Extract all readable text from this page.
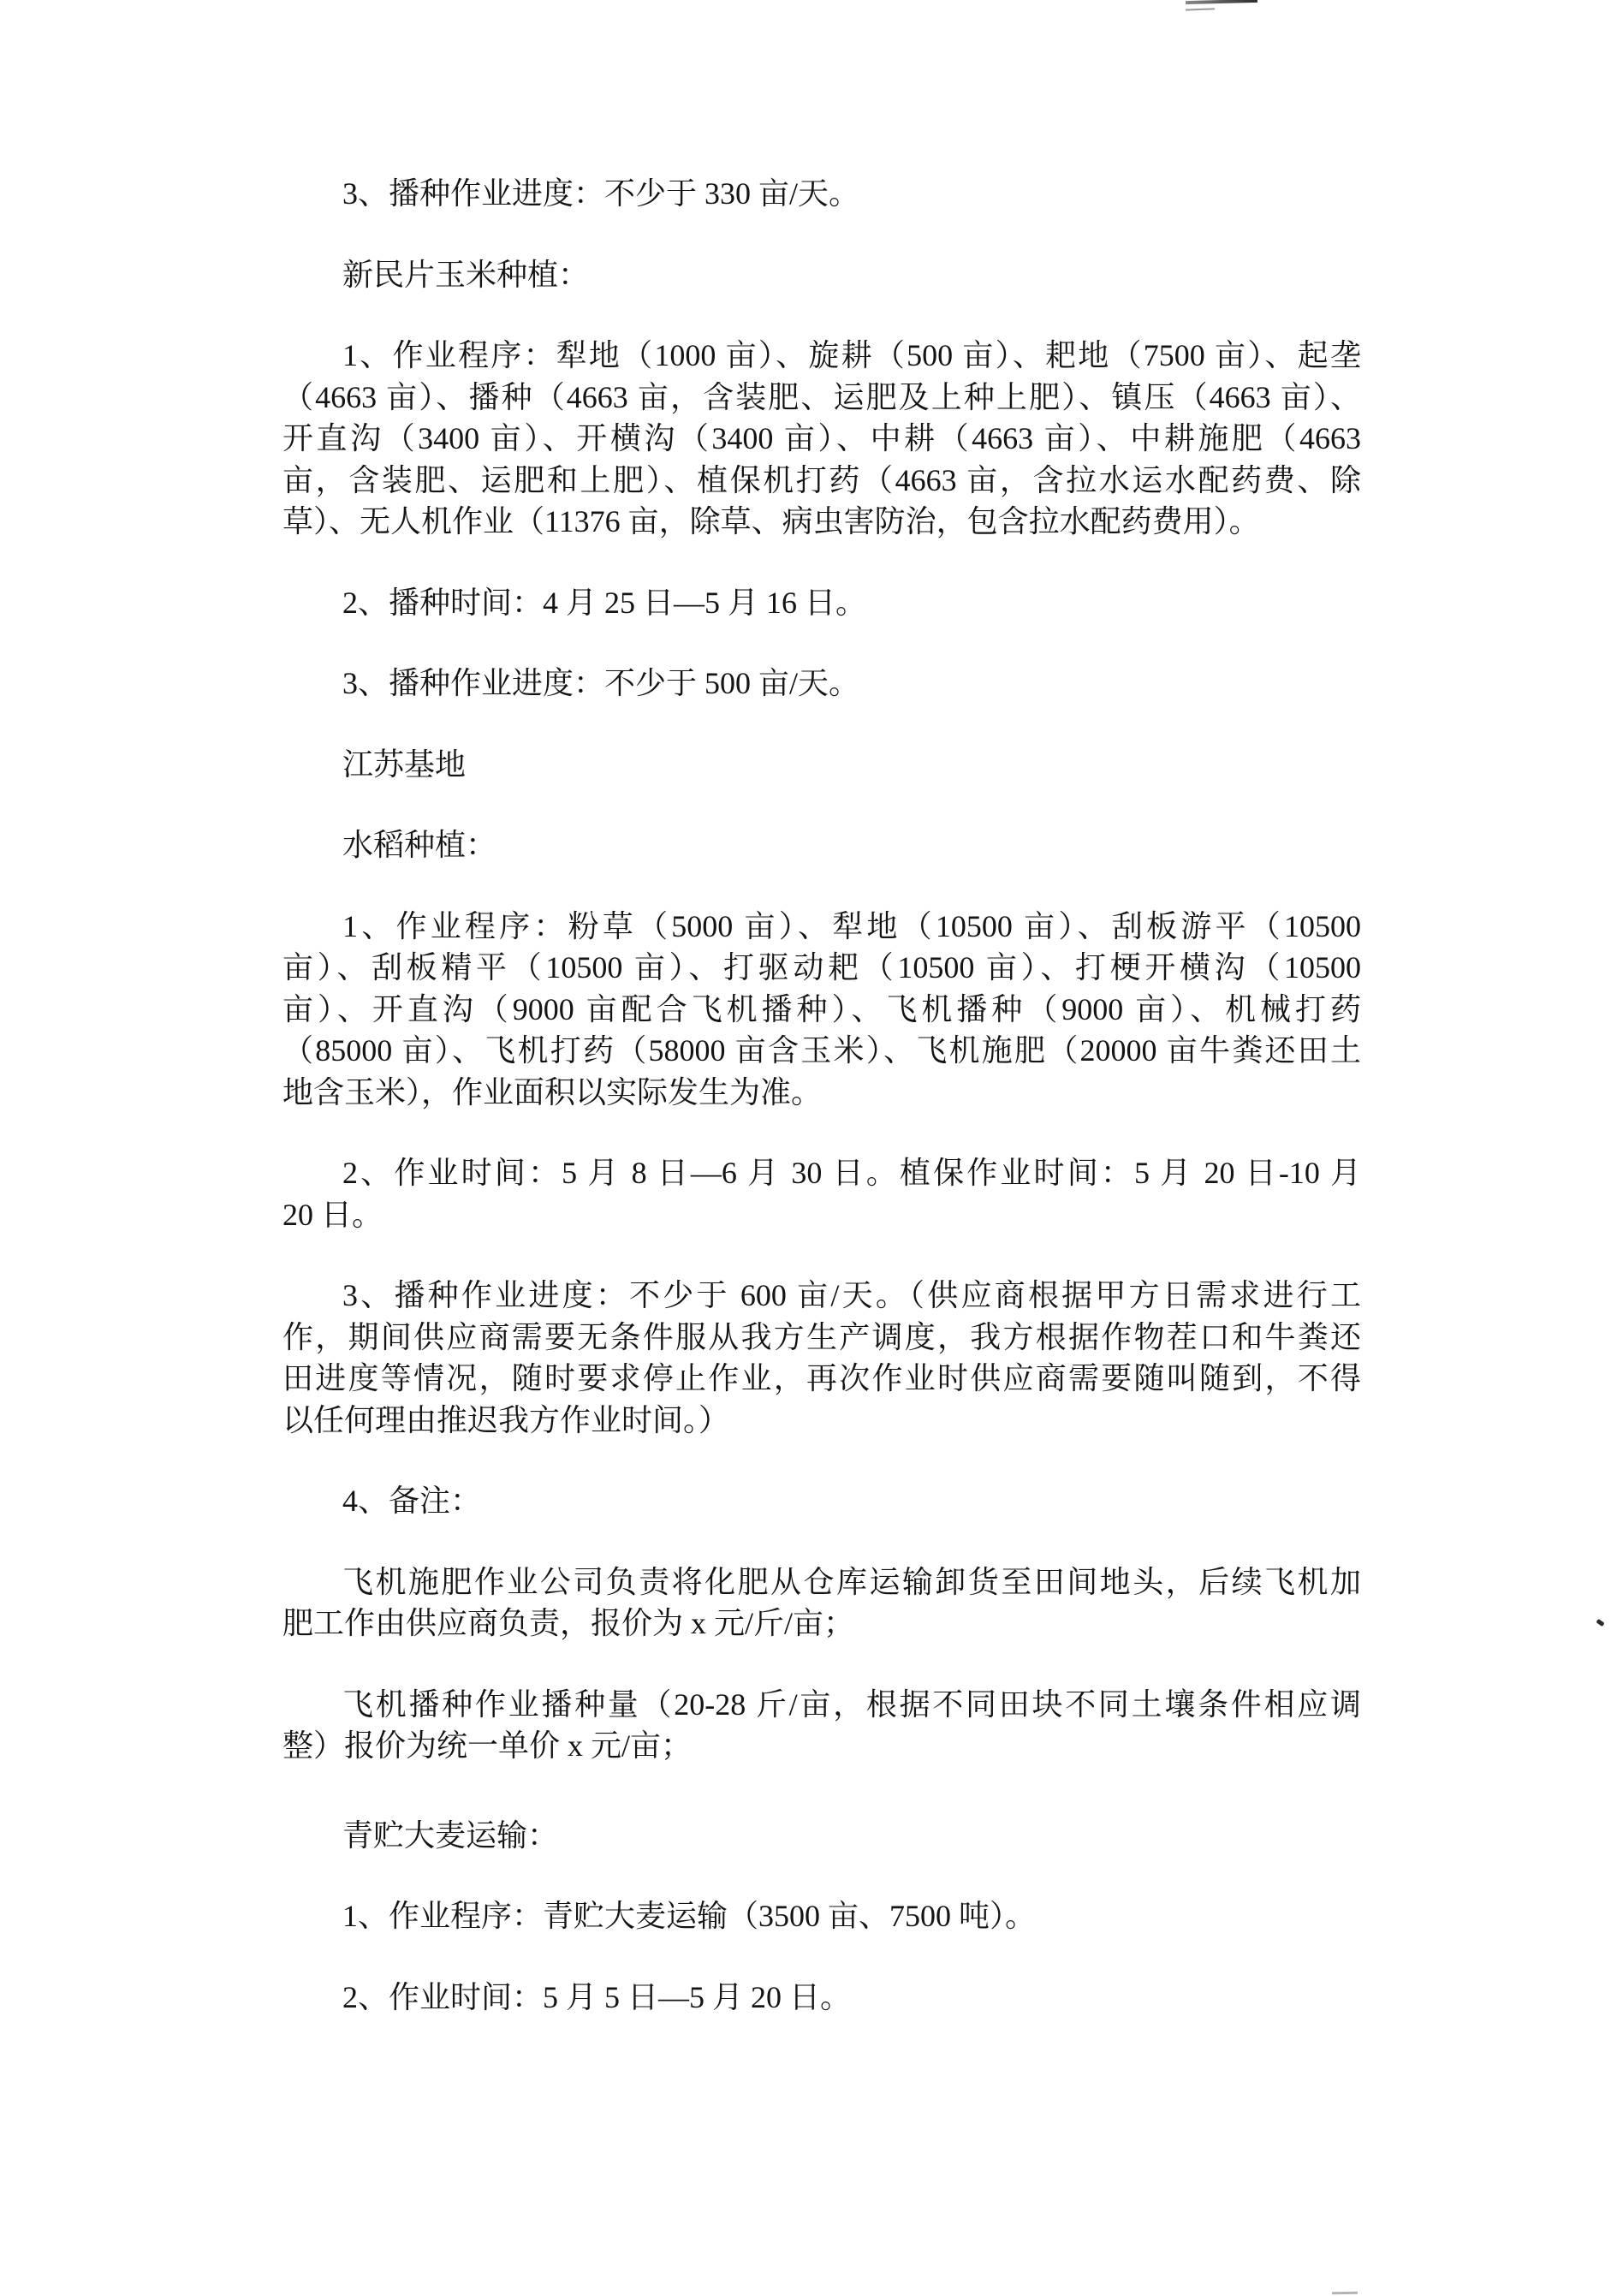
3、播种作业进度：不少于 330 亩/天。
新民片玉米种植：
1、作业程序：犁地（1000 亩）、旋耕（500 亩）、耙地（7500 亩）、起垄
（4663 亩）、播种（4663 亩，含装肥、运肥及上种上肥）、镇压（4663 亩）、
开直沟（3400 亩）、开横沟（3400 亩）、中耕（4663 亩）、中耕施肥（4663
亩，含装肥、运肥和上肥）、植保机打药（4663 亩，含拉水运水配药费、除
草）、无人机作业（11376 亩，除草、病虫害防治，包含拉水配药费用）。
2、播种时间：4 月 25 日—5 月 16 日。
3、播种作业进度：不少于 500 亩/天。
江苏基地
水稻种植：
1、作业程序：粉草（5000 亩）、犁地（10500 亩）、刮板游平（10500
亩）、刮板精平（10500 亩）、打驱动耙（10500 亩）、打梗开横沟（10500
亩）、开直沟（9000 亩配合飞机播种）、飞机播种（9000 亩）、机械打药
（85000 亩）、飞机打药（58000 亩含玉米）、飞机施肥（20000 亩牛粪还田土
地含玉米），作业面积以实际发生为准。
2、作业时间：5 月 8 日—6 月 30 日。植保作业时间：5 月 20 日-10 月
20 日。
3、播种作业进度：不少于 600 亩/天。（供应商根据甲方日需求进行工
作，期间供应商需要无条件服从我方生产调度，我方根据作物茬口和牛粪还
田进度等情况，随时要求停止作业，再次作业时供应商需要随叫随到，不得
以任何理由推迟我方作业时间。）
4、备注：
飞机施肥作业公司负责将化肥从仓库运输卸货至田间地头，后续飞机加
肥工作由供应商负责，报价为 x 元/斤/亩；
飞机播种作业播种量（20-28 斤/亩，根据不同田块不同土壤条件相应调
整）报价为统一单价 x 元/亩；
青贮大麦运输：
1、作业程序：青贮大麦运输（3500 亩、7500 吨）。
2、作业时间：5 月 5 日—5 月 20 日。
